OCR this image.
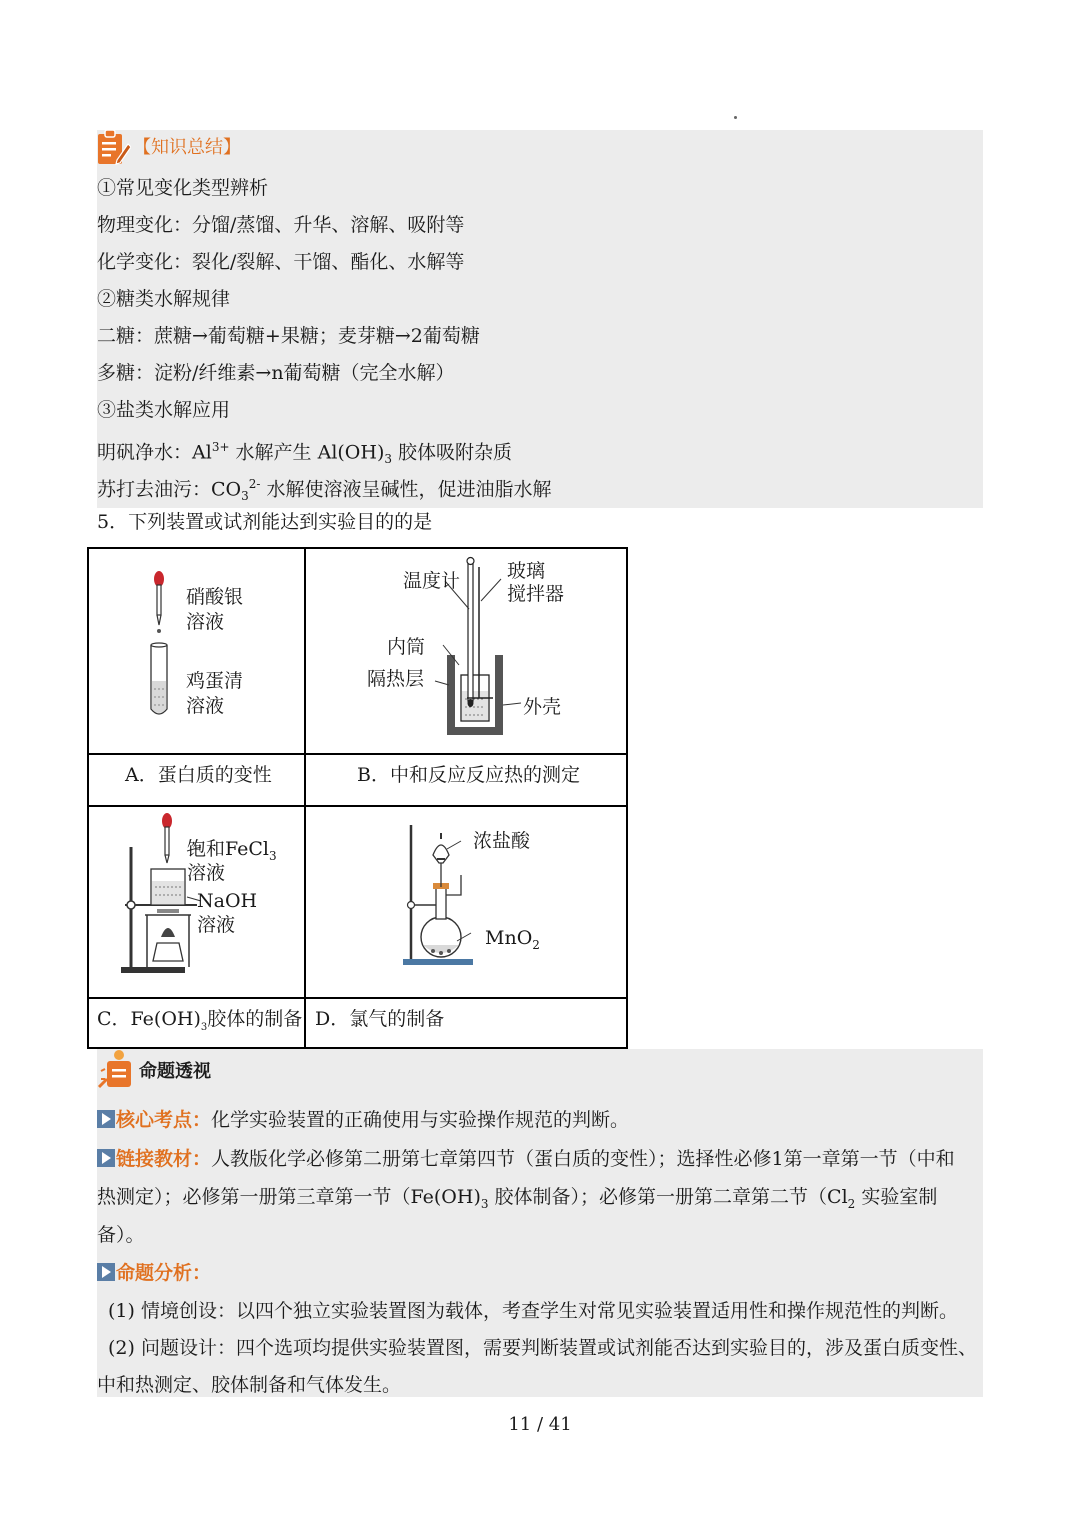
【知识总结】
①常见变化类型辨析
物理变化：分馏/蒸馏、升华、溶解、吸附等
化学变化：裂化/裂解、干馏、酯化、水解等
②糖类水解规律
二糖：蔗糖→葡萄糖+果糖；麦芽糖→2葡萄糖
多糖：淀粉/纤维素→n葡萄糖（完全水解）
③盐类水解应用
明矾净水：$Al^{3+}$ 水解产生 $Al(OH)_3$ 胶体吸附杂质
苏打去油污：$CO_3^{2-}$ 水解使溶液呈碱性，促进油脂水解
5．下列装置或试剂能达到实验目的的是
硝酸银
溶液
鸡蛋清
溶液
温度计 玻璃
搅拌器
内筒
隔热层
外壳
A．蛋白质的变性	B．中和反应反应热的测定
饱和FeCl$_3$
溶液
NaOH
溶液
浓盐酸
MnO$_2$
C．$Fe(OH)_3$胶体的制备 D．氯气的制备
命题透视
核心考点：化学实验装置的正确使用与实验操作规范的判断。
链接教材：人教版化学必修第二册第七章第四节（蛋白质的变性）；选择性必修1第一章第一节（中和
热测定）；必修第一册第三章第一节（$Fe(OH)_3$ 胶体制备）；必修第一册第二章第二节（$Cl_2$ 实验室制
备）。
命题分析：
(1) 情境创设：以四个独立实验装置图为载体，考查学生对常见实验装置适用性和操作规范性的判断。
(2) 问题设计：四个选项均提供实验装置图，需要判断装置或试剂能否达到实验目的，涉及蛋白质变性、
中和热测定、胶体制备和气体发生。
11 / 41
